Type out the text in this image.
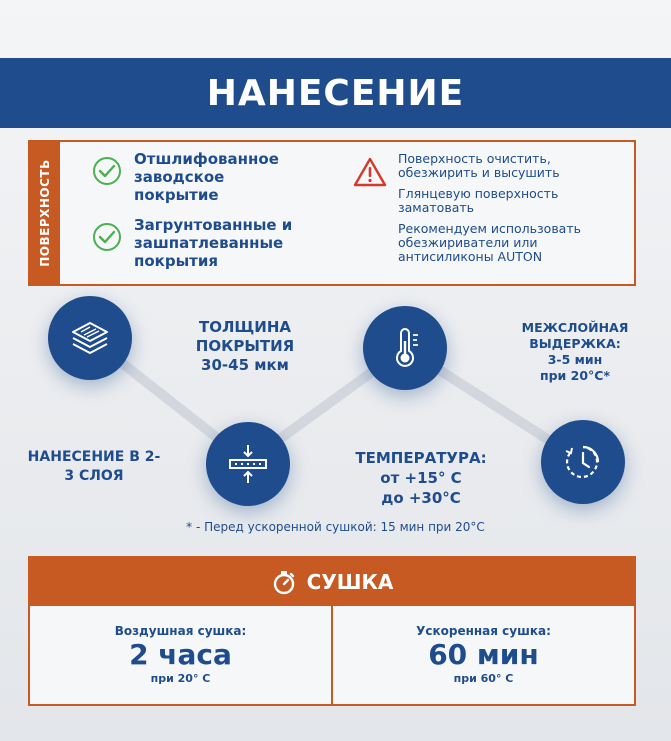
НАНЕСЕНИЕ
ПОВЕРХНОСТЬ
Отшлифованное
заводское
покрытие
Загрунтованные и
зашпатлеванные
покрытия

Поверхность очистить, обезжирить и высушить

Глянцевую поверхность заматовать

Рекомендуем использовать обезжириватели или антисиликоны AUTON

ТОЛЩИНА ПОКРЫТИЯ
30-45 мкм
МЕЖСЛОЙНАЯ ВЫДЕРЖКА:
3-5 мин
при 20°C*
НАНЕСЕНИЕ В 2-3 СЛОЯ
ТЕМПЕРАТУРА:
от +15° С
до +30°С
* - Перед ускоренной сушкой: 15 мин при 20°С
СУШКА
Воздушная сушка:
2 часа
при 20° С
Ускоренная сушка:
60 мин
при 60° С
